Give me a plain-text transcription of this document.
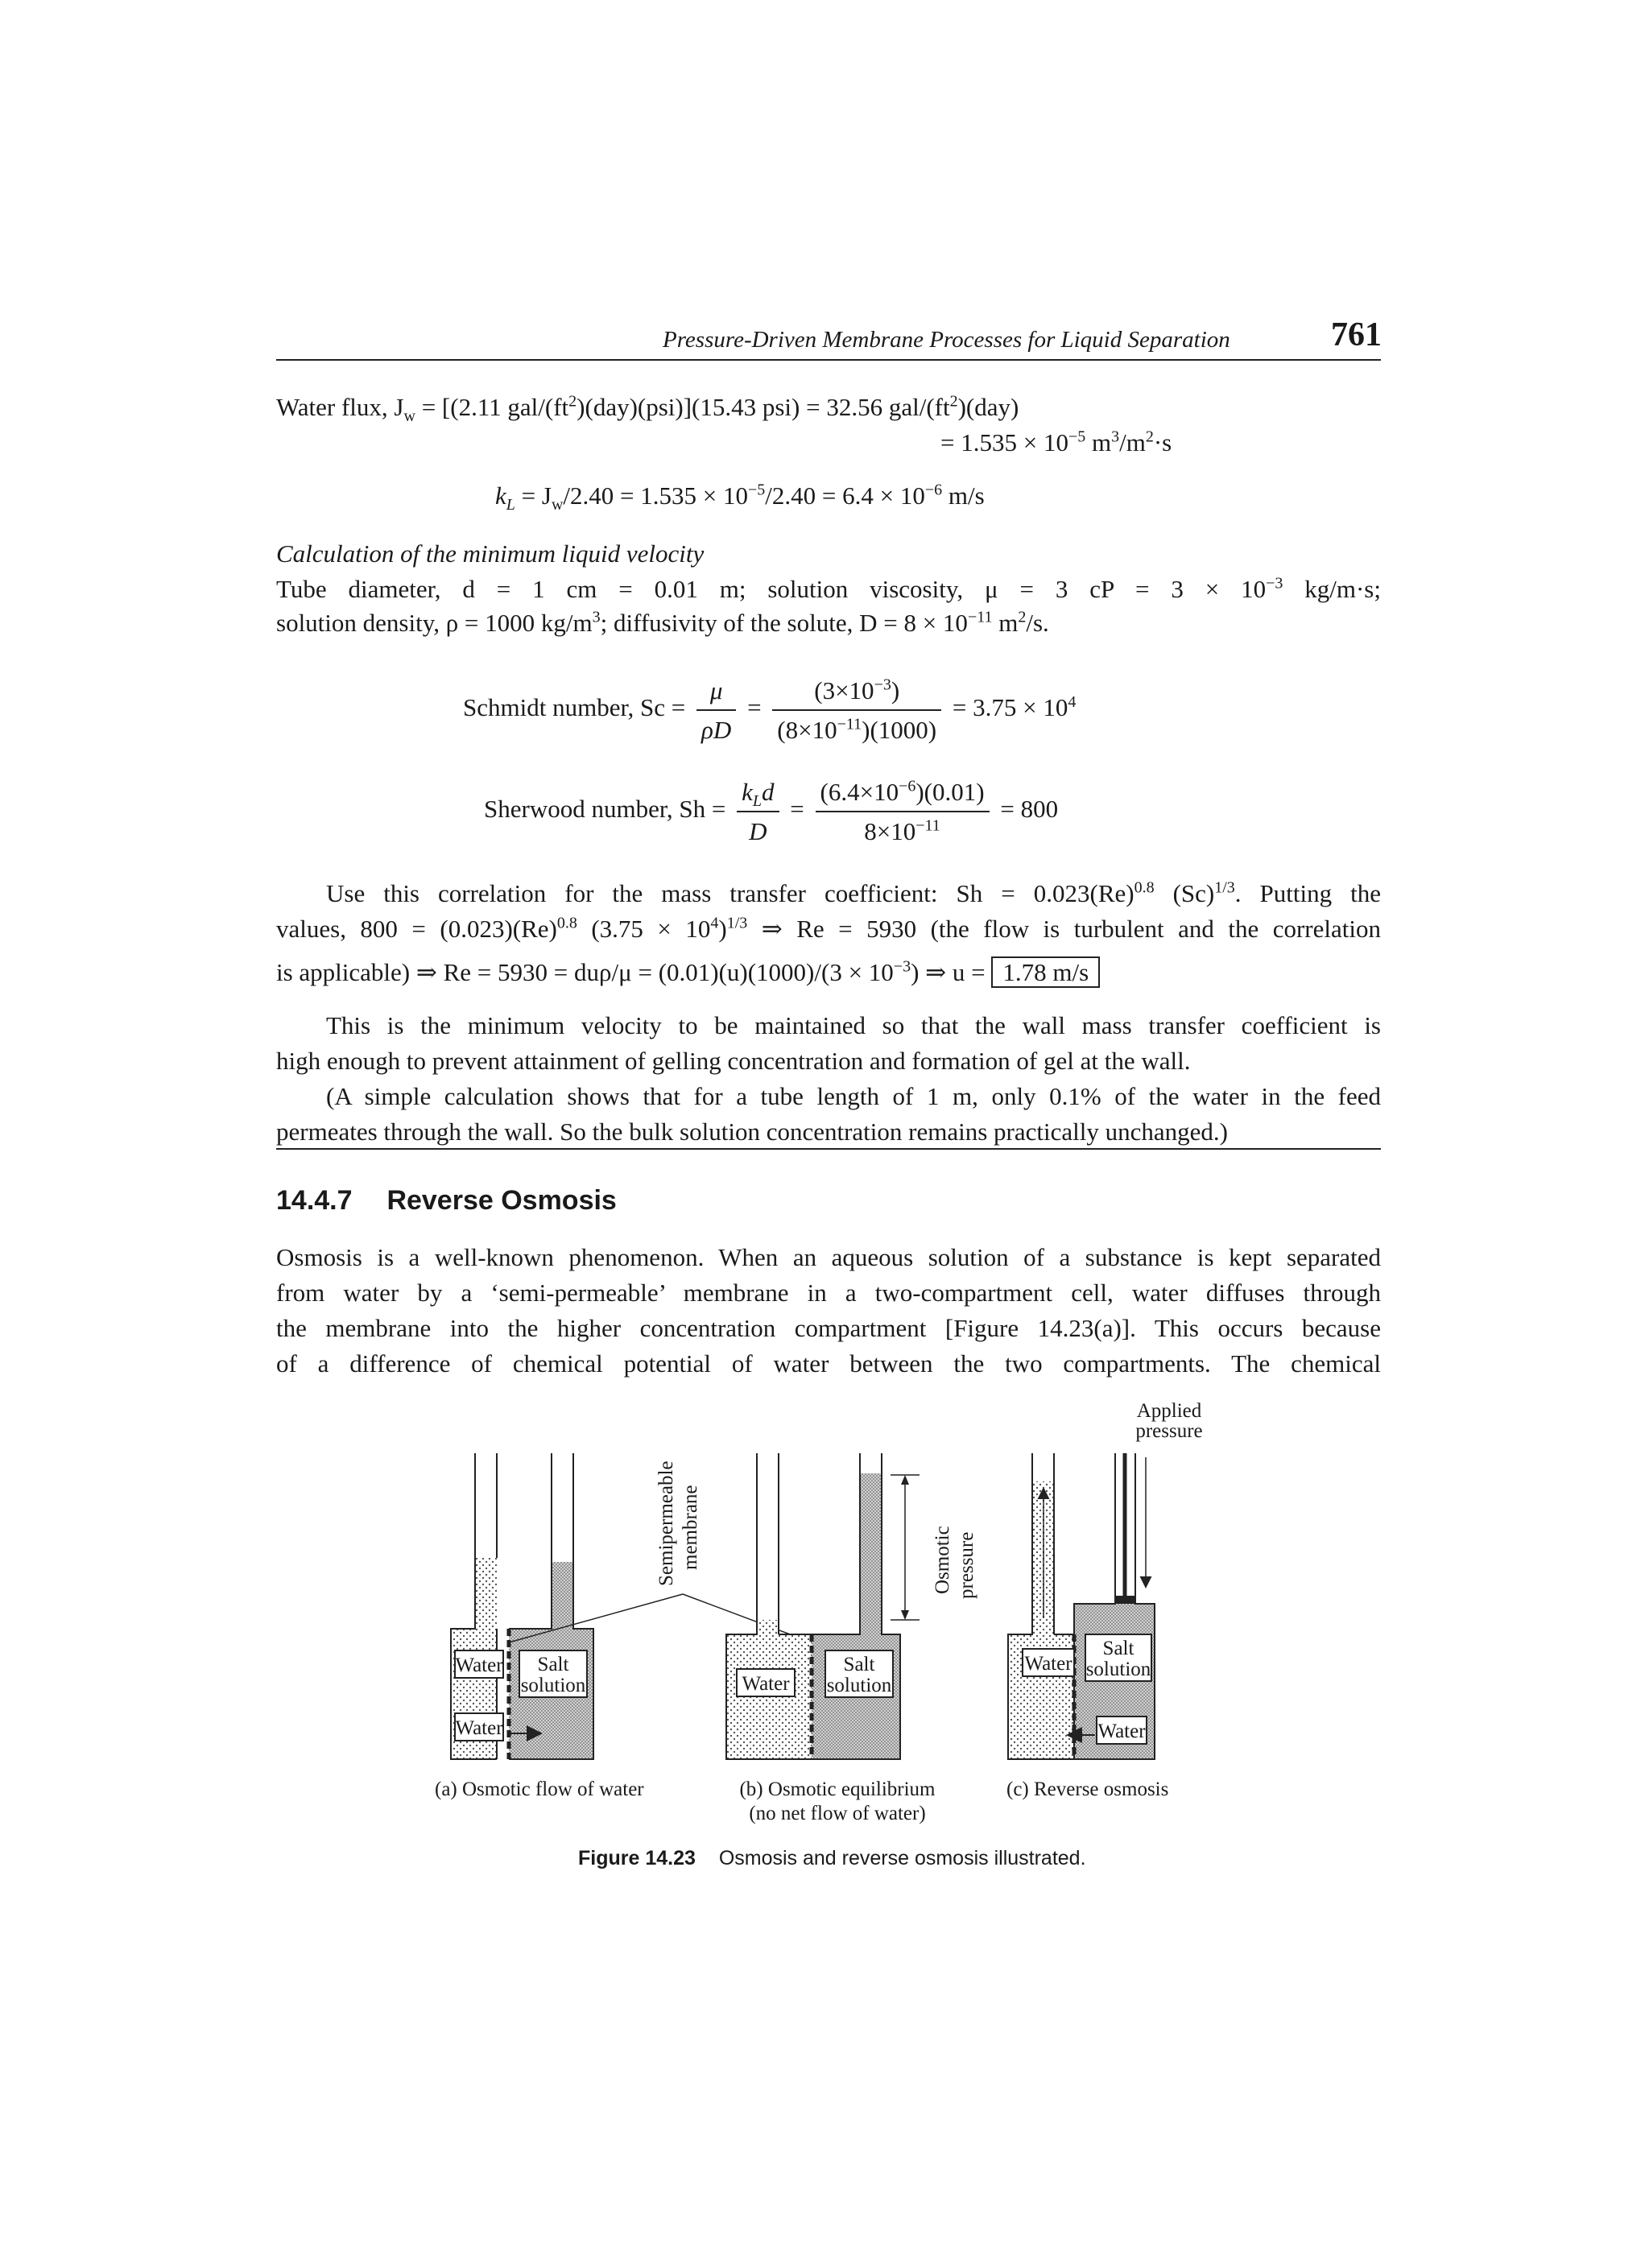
Pressure-Driven Membrane Processes for Liquid Separation	761
Water flux, $J_w = [(2.11$ gal/$(ft^2)(day)(psi)](15.43$ psi) = 32.56 gal/$(ft^2)(day)$
= $1.535 \times 10^{-5}$ $m^3/m^2\cdot s$
$k_L = J_w/2.40 = 1.535 \times 10^{-5}/2.40 = 6.4 \times 10^{-6}$ m/s
Calculation of the minimum liquid velocity
Tube diameter, d = 1 cm = 0.01 m; solution viscosity, μ = 3 cP = $3 \times 10^{-3}$ kg/m·s;
solution density, ρ = 1000 $kg/m^3$; diffusivity of the solute, $D = 8 \times 10^{-11}$ $m^2/s$.
Schmidt number, $Sc = \frac{\mu}{\rho D} = \frac{(3\times 10^{-3})}{(8\times 10^{-11})(1000)} = 3.75 \times 10^4$
Sherwood number, $Sh = \frac{k_Ld}{D} = \frac{(6.4\times 10^{-6})(0.01)}{8\times 10^{-11}} = 800$
Use this correlation for the mass transfer coefficient: $Sh = 0.023(Re)^{0.8}$ $(Sc)^{1/3}$. Putting the
values, $800 = (0.023)(Re)^{0.8}$ $(3.75 \times 10^4)^{1/3}$ ⇒ Re = 5930 (the flow is turbulent and the correlation
is applicable) ⇒ $Re = 5930 = du\rho/\mu = (0.01)(u)(1000)/(3 \times 10^{-3})$ ⇒ u = 1.78 m/s
This is the minimum velocity to be maintained so that the wall mass transfer coefficient is
high enough to prevent attainment of gelling concentration and formation of gel at the wall.
(A simple calculation shows that for a tube length of 1 m, only 0.1% of the water in the feed
permeates through the wall. So the bulk solution concentration remains practically unchanged.)
14.4.7 Reverse Osmosis
Osmosis is a well-known phenomenon. When an aqueous solution of a substance is kept separated
from water by a ‘semi-permeable’ membrane in a two-compartment cell, water diffuses through
the membrane into the higher concentration compartment [Figure 14.23(a)]. This occurs because
of a difference of chemical potential of water between the two compartments. The chemical
Water Salt
solution
Water
Semipermeable membrane
Water
Salt
solution
Osmotic pressure
Applied
pressure
Water
Salt
solution
Water
(a) Osmotic flow of water	(b) Osmotic equilibrium
(no net flow of water)
(c) Reverse osmosis
Figure 14.23 Osmosis and reverse osmosis illustrated.
